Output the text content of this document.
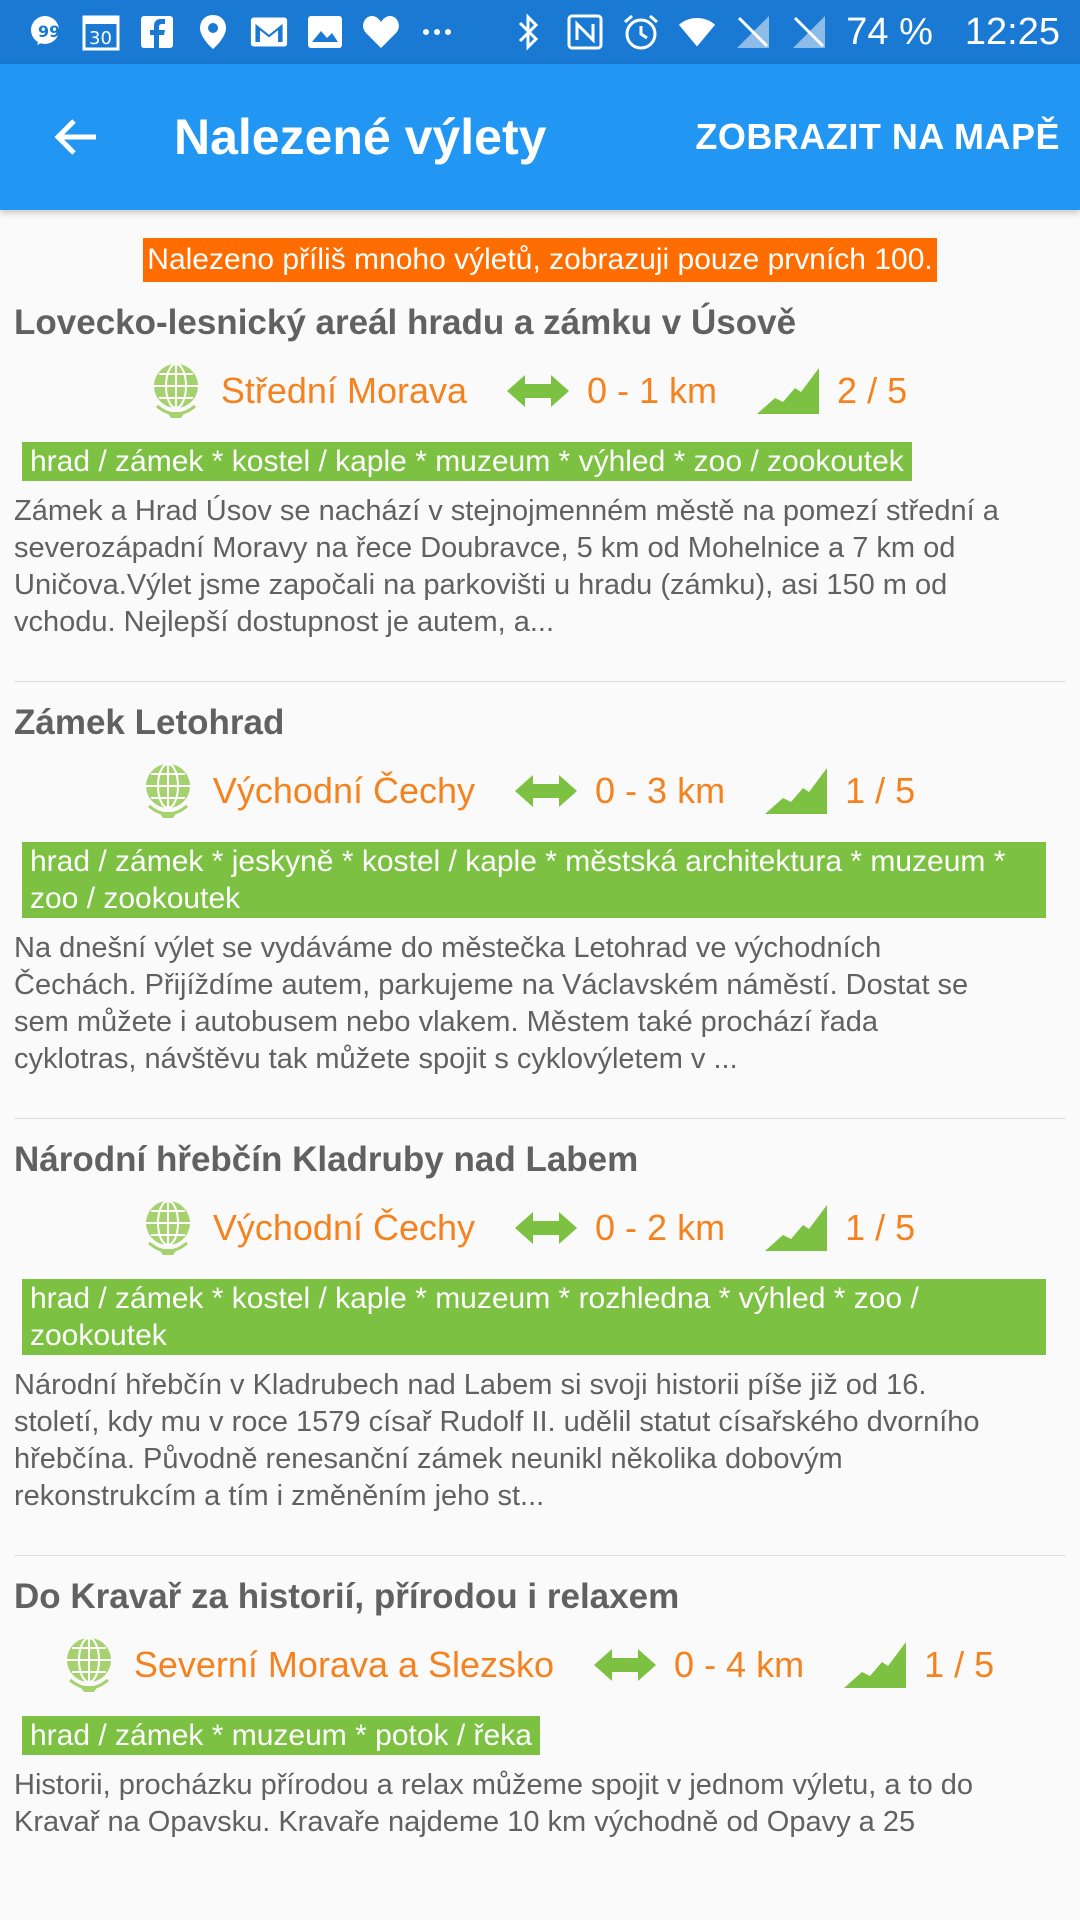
99 30	74 % 12:25
Nalezené výlety	ZOBRAZIT NA MAPĚ
Nalezeno příliš mnoho výletů, zobrazuji pouze prvních 100.
Lovecko-lesnický areál hradu a zámku v Úsově
Střední Morava	0 - 1 km	2 / 5
hrad / zámek * kostel / kaple * muzeum * výhled * zoo / zookoutek
Zámek a Hrad Úsov se nachází v stejnojmenném městě na pomezí střední a severozápadní Moravy na řece Doubravce, 5 km od Mohelnice a 7 km od Uničova.Výlet jsme započali na parkovišti u hradu (zámku), asi 150 m od vchodu. Nejlepší dostupnost je autem, a...
Zámek Letohrad
Východní Čechy	0 - 3 km	1 / 5
hrad / zámek * jeskyně * kostel / kaple * městská architektura * muzeum * zoo / zookoutek
Na dnešní výlet se vydáváme do městečka Letohrad ve východních Čechách. Přijíždíme autem, parkujeme na Václavském náměstí. Dostat se sem můžete i autobusem nebo vlakem. Městem také prochází řada cyklotras, návštěvu tak můžete spojit s cyklovýletem v ...
Národní hřebčín Kladruby nad Labem
Východní Čechy	0 - 2 km	1 / 5
hrad / zámek * kostel / kaple * muzeum * rozhledna * výhled * zoo / zookoutek
Národní hřebčín v Kladrubech nad Labem si svoji historii píše již od 16. století, kdy mu v roce 1579 císař Rudolf II. udělil statut císařského dvorního hřebčína. Původně renesanční zámek neunikl několika dobovým rekonstrukcím a tím i změněním jeho st...
Do Kravař za historií, přírodou i relaxem
Severní Morava a Slezsko	0 - 4 km	1 / 5
hrad / zámek * muzeum * potok / řeka
Historii, procházku přírodou a relax můžeme spojit v jednom výletu, a to do Kravař na Opavsku. Kravaře najdeme 10 km východně od Opavy a 25
